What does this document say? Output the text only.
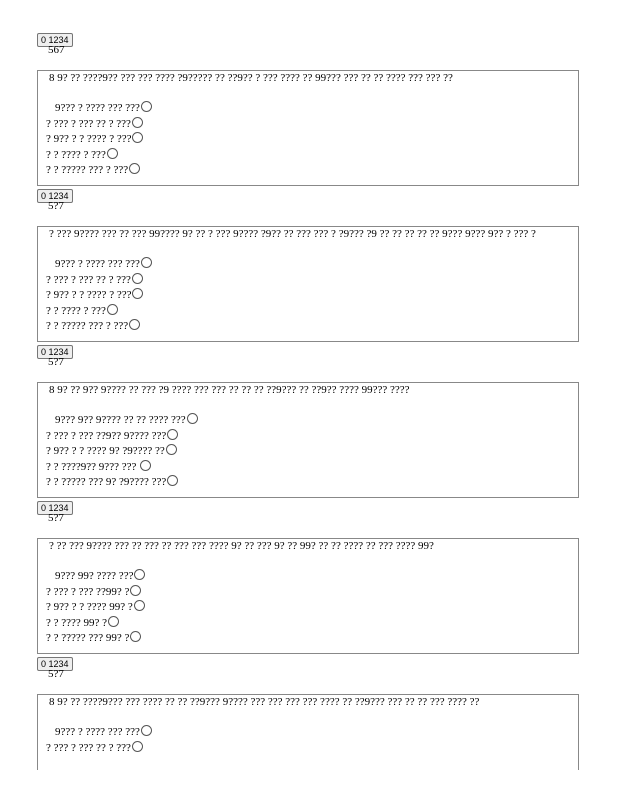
0 1234
567
8 9? ?? ????9?? ??? ??? ???? ?9????? ?? ??9?? ? ??? ???? ?? 99??? ??? ?? ?? ???? ??? ??? ??
9??? ? ???? ??? ???
? ??? ? ??? ?? ? ???
? 9?? ? ? ???? ? ???
? ? ???? ? ???
? ? ????? ??? ? ???
0 1234
5?7
? ??? 9???? ??? ?? ??? 99???? 9? ?? ? ??? 9???? ?9?? ?? ??? ??? ? ?9??? ?9 ?? ?? ?? ?? ?? 9??? 9??? 9?? ? ??? ?
9??? ? ???? ??? ???
? ??? ? ??? ?? ? ???
? 9?? ? ? ???? ? ???
? ? ???? ? ???
? ? ????? ??? ? ???
0 1234
5?7
8 9? ?? 9?? 9???? ?? ??? ?9 ???? ??? ??? ?? ?? ?? ??9??? ?? ??9?? ???? 99??? ????
9??? 9?? 9???? ?? ?? ???? ???
? ??? ? ??? ??9?? 9???? ???
? 9?? ? ? ???? 9? ?9???? ??
? ? ????9?? 9??? ???
? ? ????? ??? 9? ?9???? ???
0 1234
5?7
? ?? ??? 9???? ??? ?? ??? ?? ??? ??? ???? 9? ?? ??? 9? ?? 99? ?? ?? ???? ?? ??? ???? 99?
9??? 99? ???? ???
? ??? ? ??? ??99? ?
? 9?? ? ? ???? 99? ?
? ? ???? 99? ?
? ? ????? ??? 99? ?
0 1234
5?7
8 9? ?? ????9??? ??? ???? ?? ?? ??9??? 9???? ??? ??? ??? ??? ???? ?? ??9??? ??? ?? ?? ??? ???? ??
9??? ? ???? ??? ???
? ??? ? ??? ?? ? ???
